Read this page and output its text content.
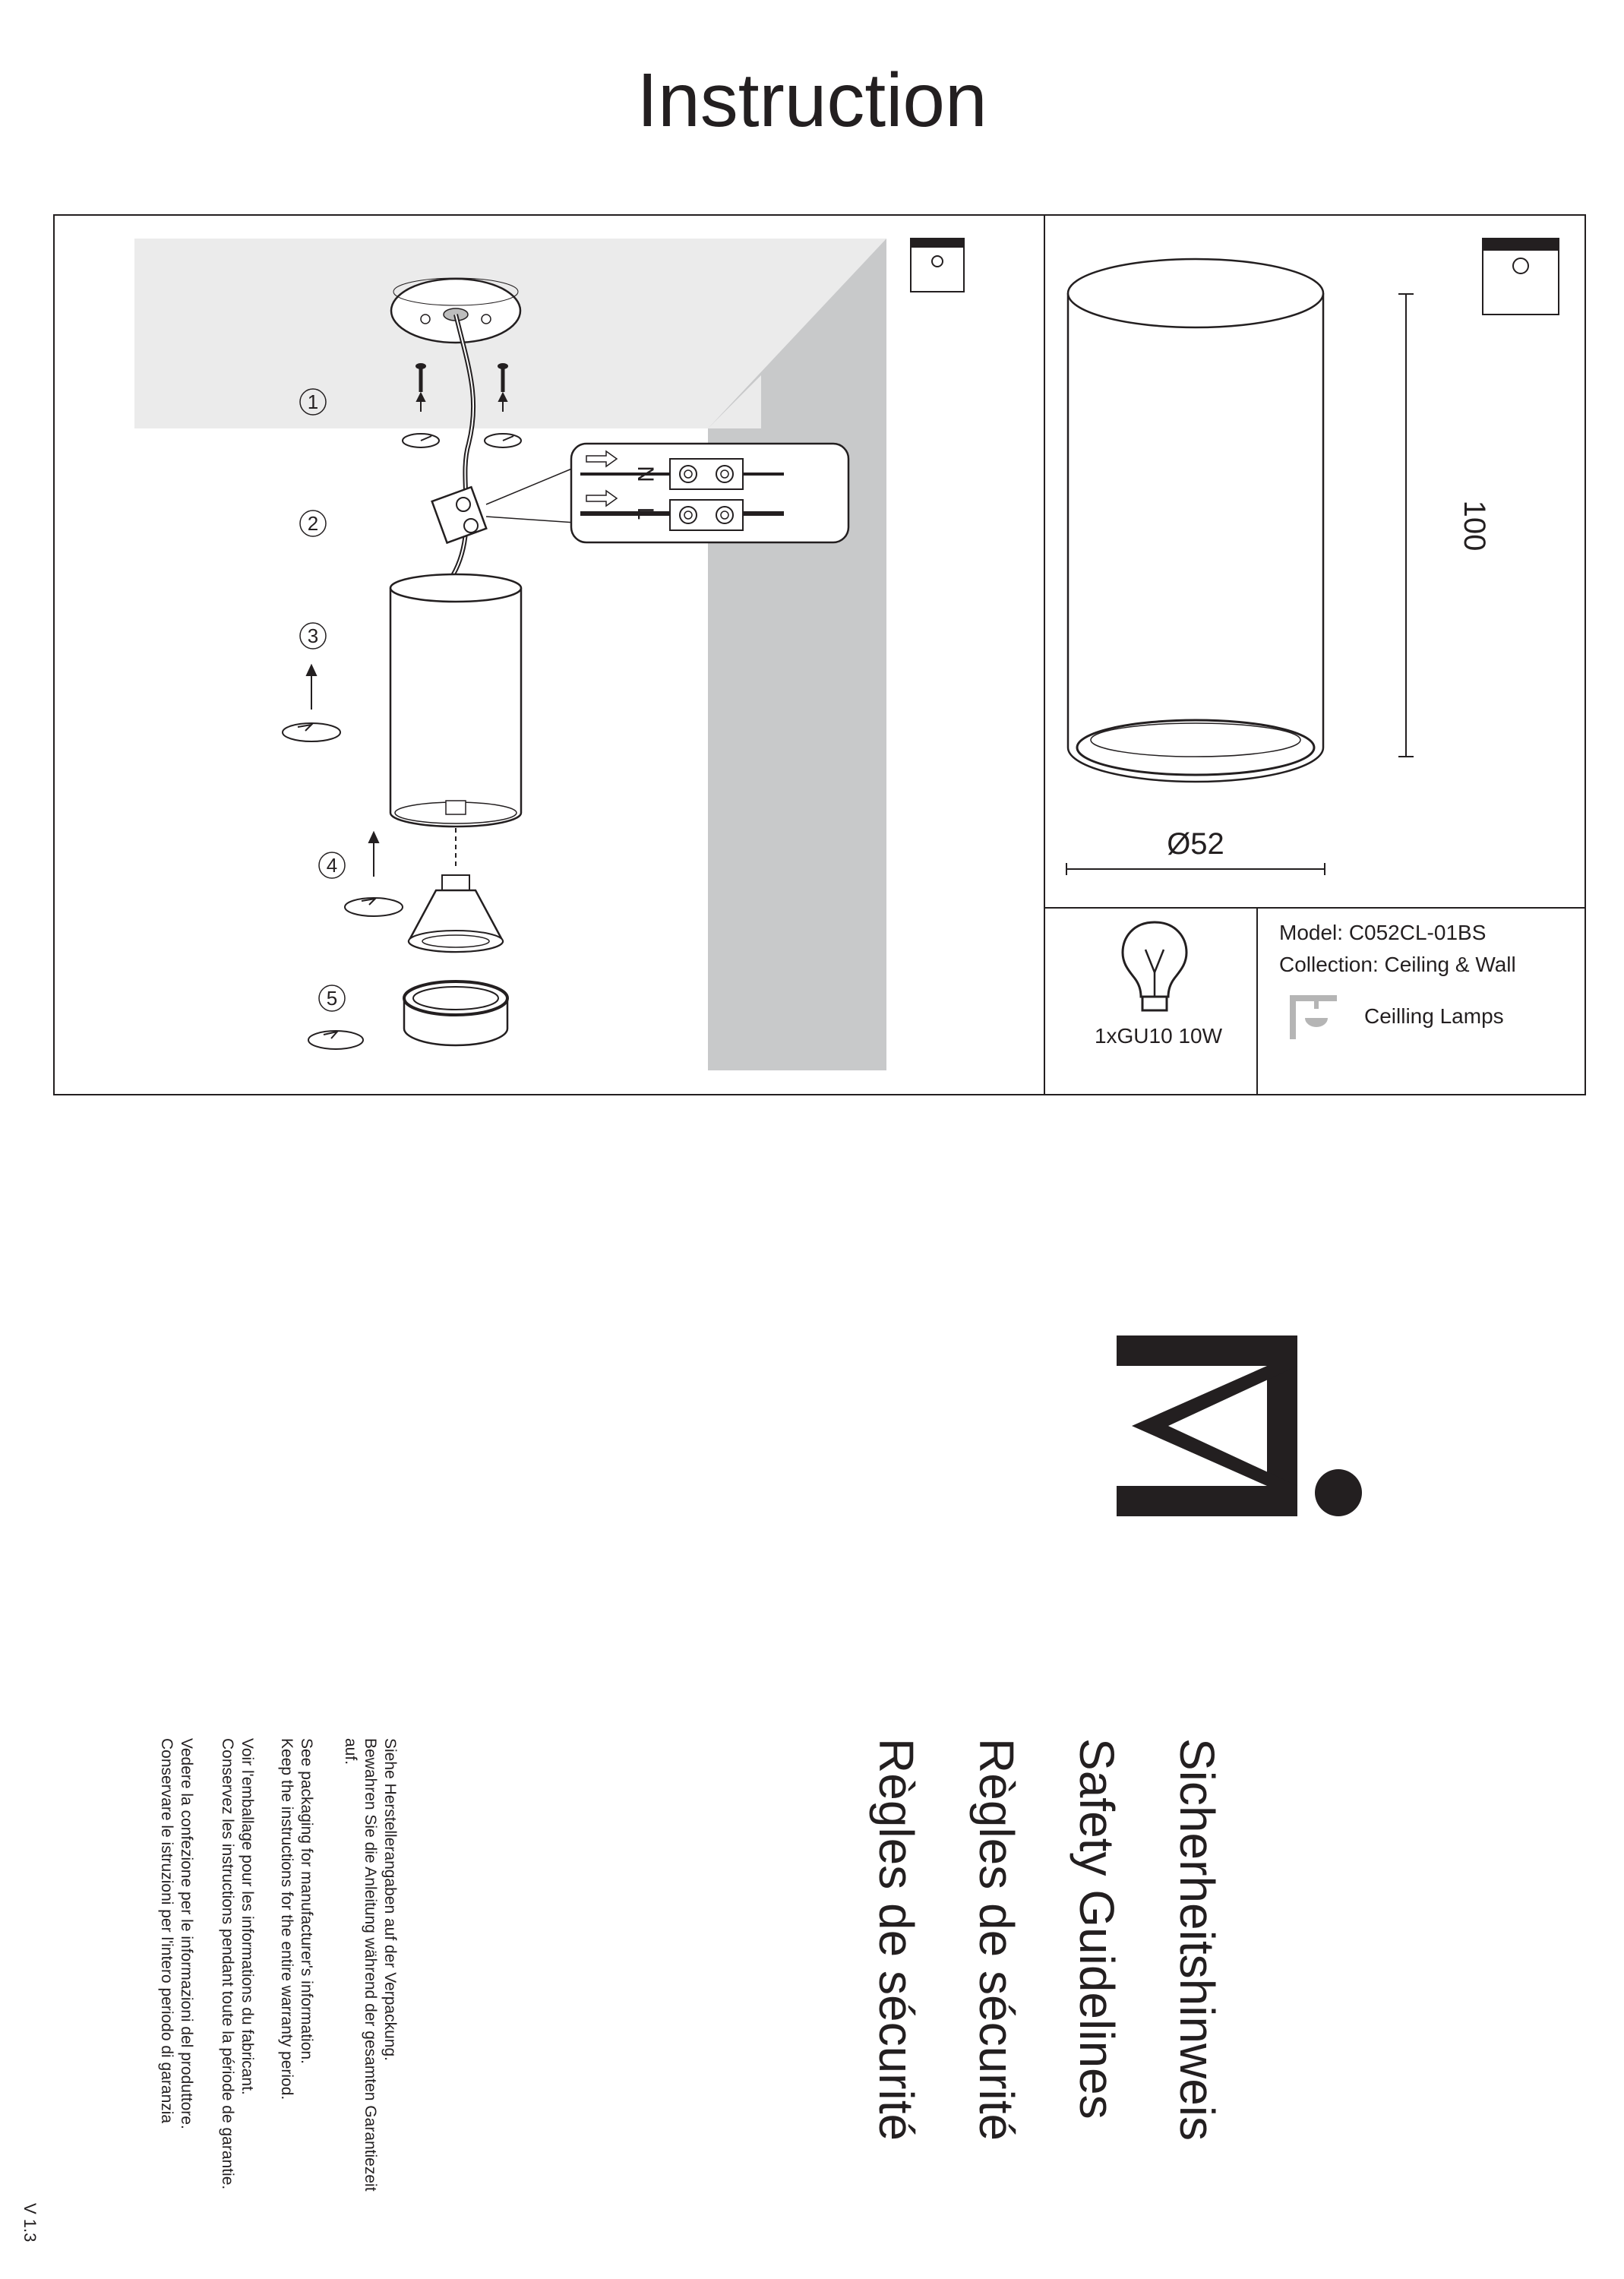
Instruction
N
L
1
2
3
4
5
100
Ø52
1xGU10 10W
Model: C052CL-01BS
Collection: Ceiling & Wall
Ceilling Lamps
Sicherheitshinweis
Safety Guidelines
Règles de sécurité
Règles de sécurité
Siehe Herstellerangaben auf der Verpackung.
Bewahren Sie die Anleitung während der gesamten Garantiezeit
auf.
See packaging for manufacturer's information.
Keep the instructions for the entire warranty period.
Voir l'emballage pour les informations du fabricant.
Conservez les instructions pendant toute la période de garantie.
Vedere la confezione per le informazioni del produttore.
Conservare le istruzioni per l'intero periodo di garanzia
V 1.3
